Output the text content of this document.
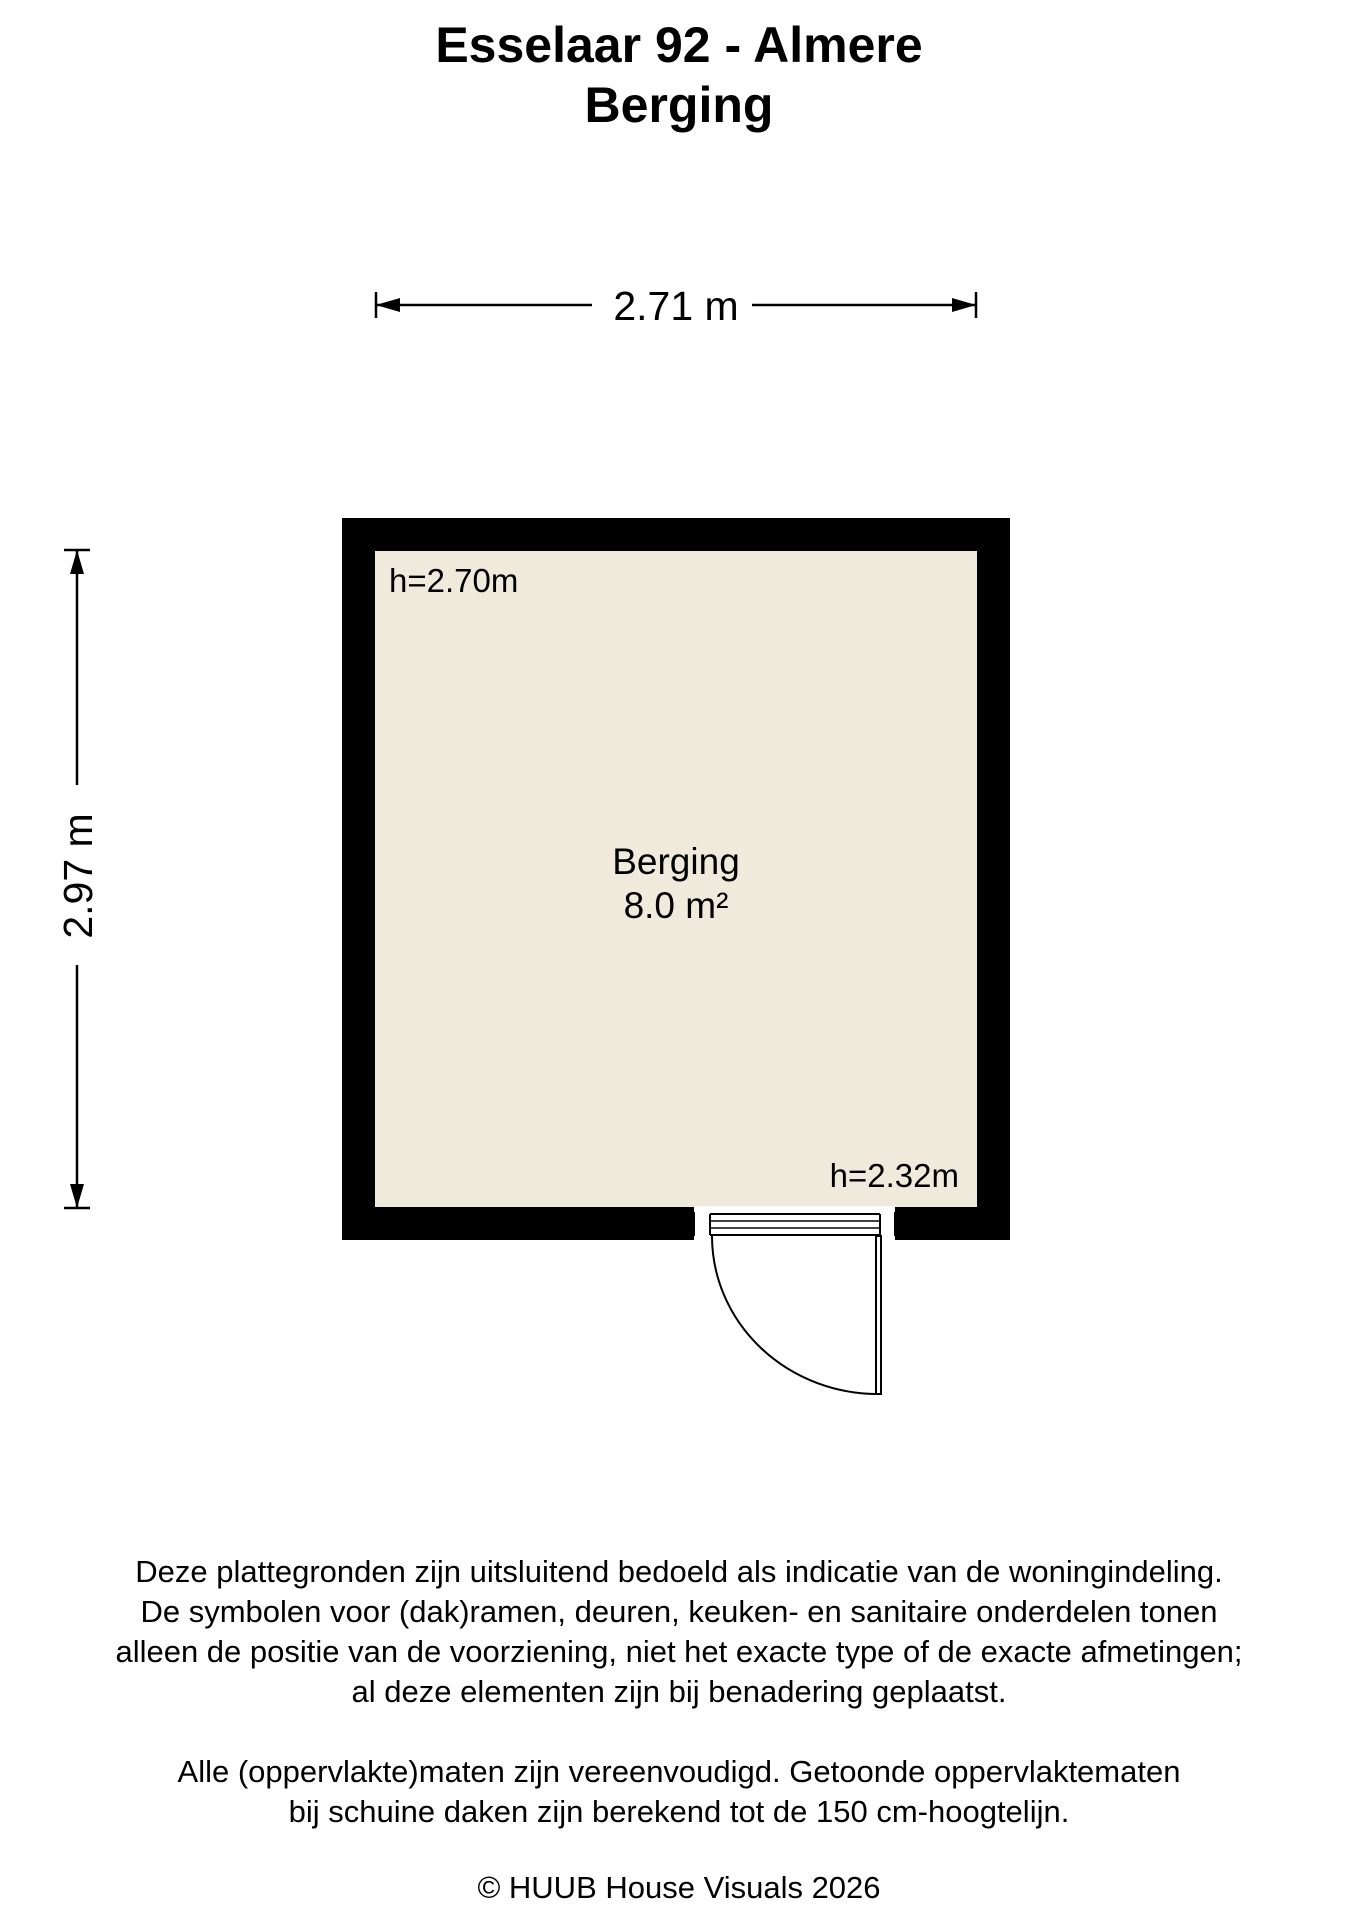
Esselaar 92 - Almere
Berging
2.71 m
2.97 m
h=2.70m
h=2.32m
Berging
8.0 m²
Deze plattegronden zijn uitsluitend bedoeld als indicatie van de woningindeling.
De symbolen voor (dak)ramen, deuren, keuken- en sanitaire onderdelen tonen
alleen de positie van de voorziening, niet het exacte type of de exacte afmetingen;
al deze elementen zijn bij benadering geplaatst.
Alle (oppervlakte)maten zijn vereenvoudigd. Getoonde oppervlaktematen
bij schuine daken zijn berekend tot de 150 cm-hoogtelijn.
© HUUB House Visuals 2026
